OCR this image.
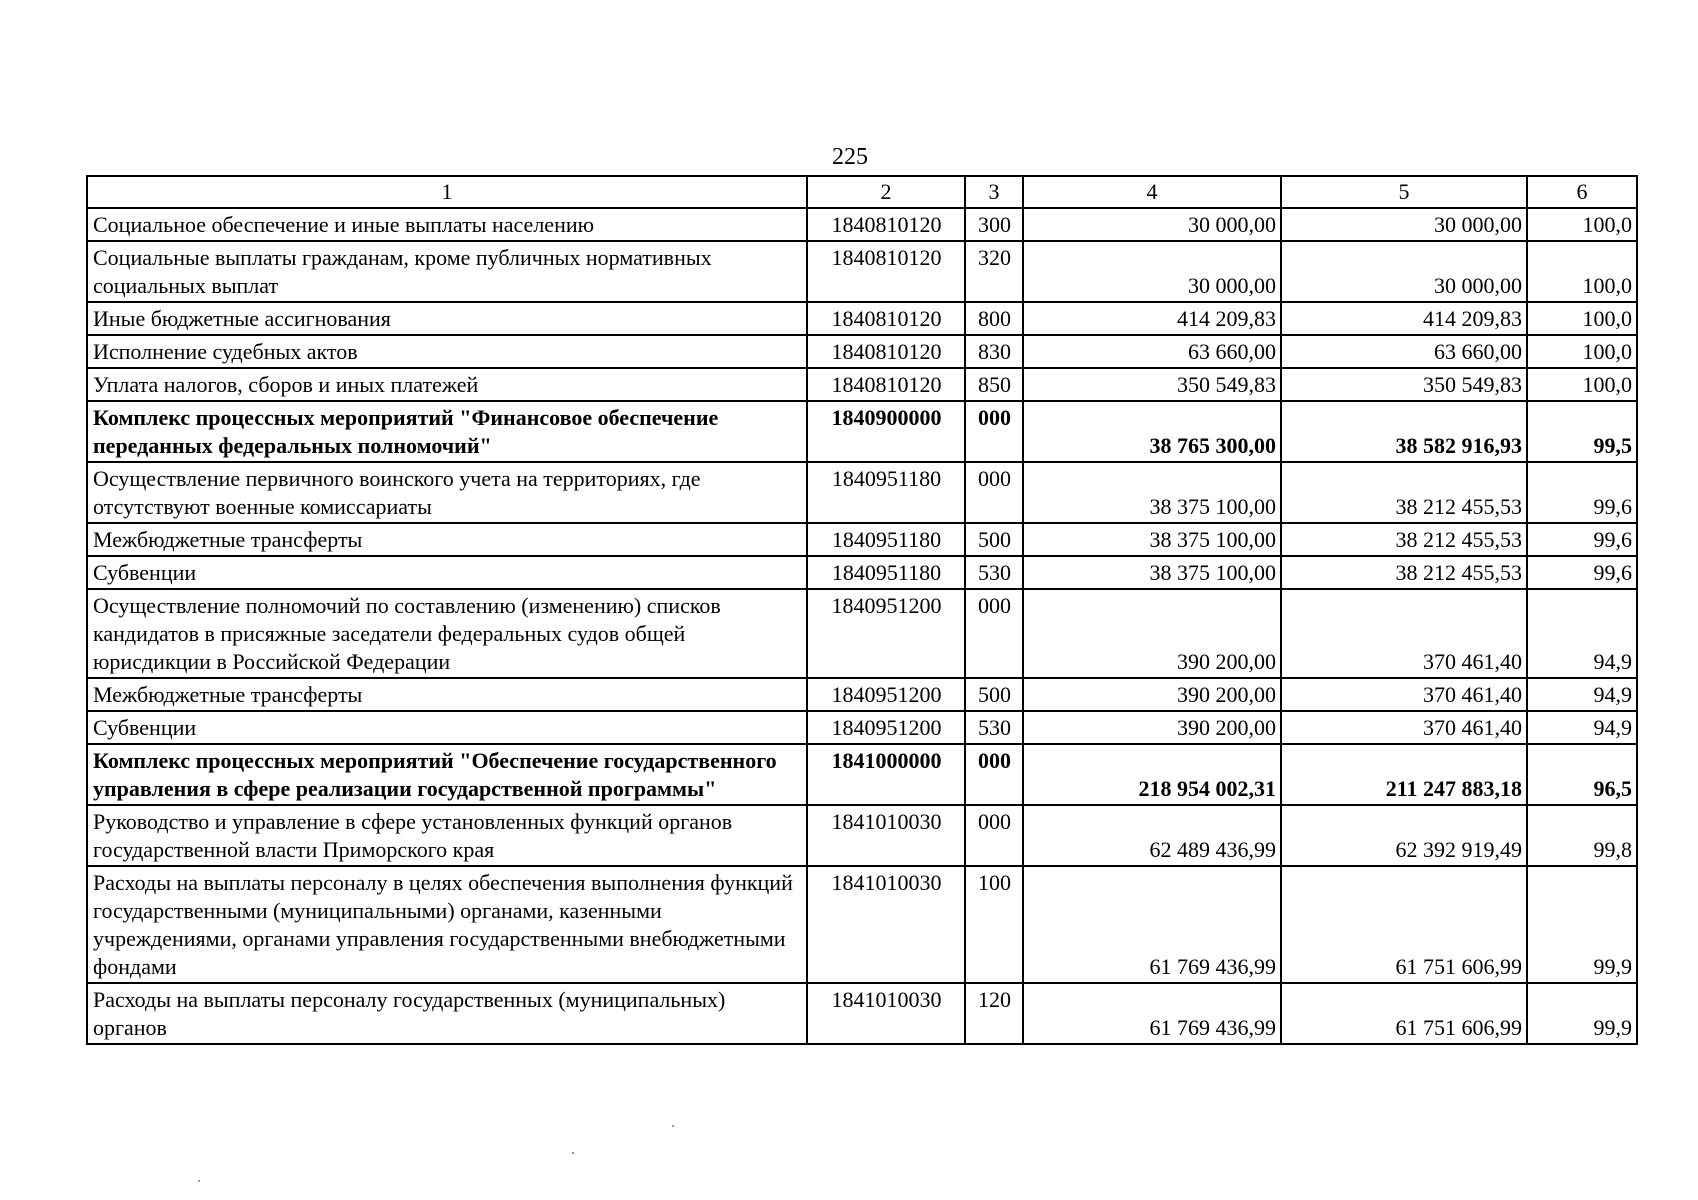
225
1	2	3	4	5	6
Социальное обеспечение и иные выплаты населению	1840810120	300	30 000,00	30 000,00	100,0
Социальные выплаты гражданам, кроме публичных нормативных социальных выплат	1840810120	320	30 000,00	30 000,00	100,0
Иные бюджетные ассигнования	1840810120	800	414 209,83	414 209,83	100,0
Исполнение судебных актов	1840810120	830	63 660,00	63 660,00	100,0
Уплата налогов, сборов и иных платежей	1840810120	850	350 549,83	350 549,83	100,0
Комплекс процессных мероприятий "Финансовое обеспечение переданных федеральных полномочий"	1840900000	000	38 765 300,00	38 582 916,93	99,5
Осуществление первичного воинского учета на территориях, где отсутствуют военные комиссариаты	1840951180	000	38 375 100,00	38 212 455,53	99,6
Межбюджетные трансферты	1840951180	500	38 375 100,00	38 212 455,53	99,6
Субвенции	1840951180	530	38 375 100,00	38 212 455,53	99,6
Осуществление полномочий по составлению (изменению) списков кандидатов в присяжные заседатели федеральных судов общей юрисдикции в Российской Федерации	1840951200	000	390 200,00	370 461,40	94,9
Межбюджетные трансферты	1840951200	500	390 200,00	370 461,40	94,9
Субвенции	1840951200	530	390 200,00	370 461,40	94,9
Комплекс процессных мероприятий "Обеспечение государственного управления в сфере реализации государственной программы"	1841000000	000	218 954 002,31	211 247 883,18	96,5
Руководство и управление в сфере установленных функций органов государственной власти Приморского края	1841010030	000	62 489 436,99	62 392 919,49	99,8
Расходы на выплаты персоналу в целях обеспечения выполнения функций государственными (муниципальными) органами, казенными учреждениями, органами управления государственными внебюджетными фондами	1841010030	100	61 769 436,99	61 751 606,99	99,9
Расходы на выплаты персоналу государственных (муниципальных) органов	1841010030	120	61 769 436,99	61 751 606,99	99,9
